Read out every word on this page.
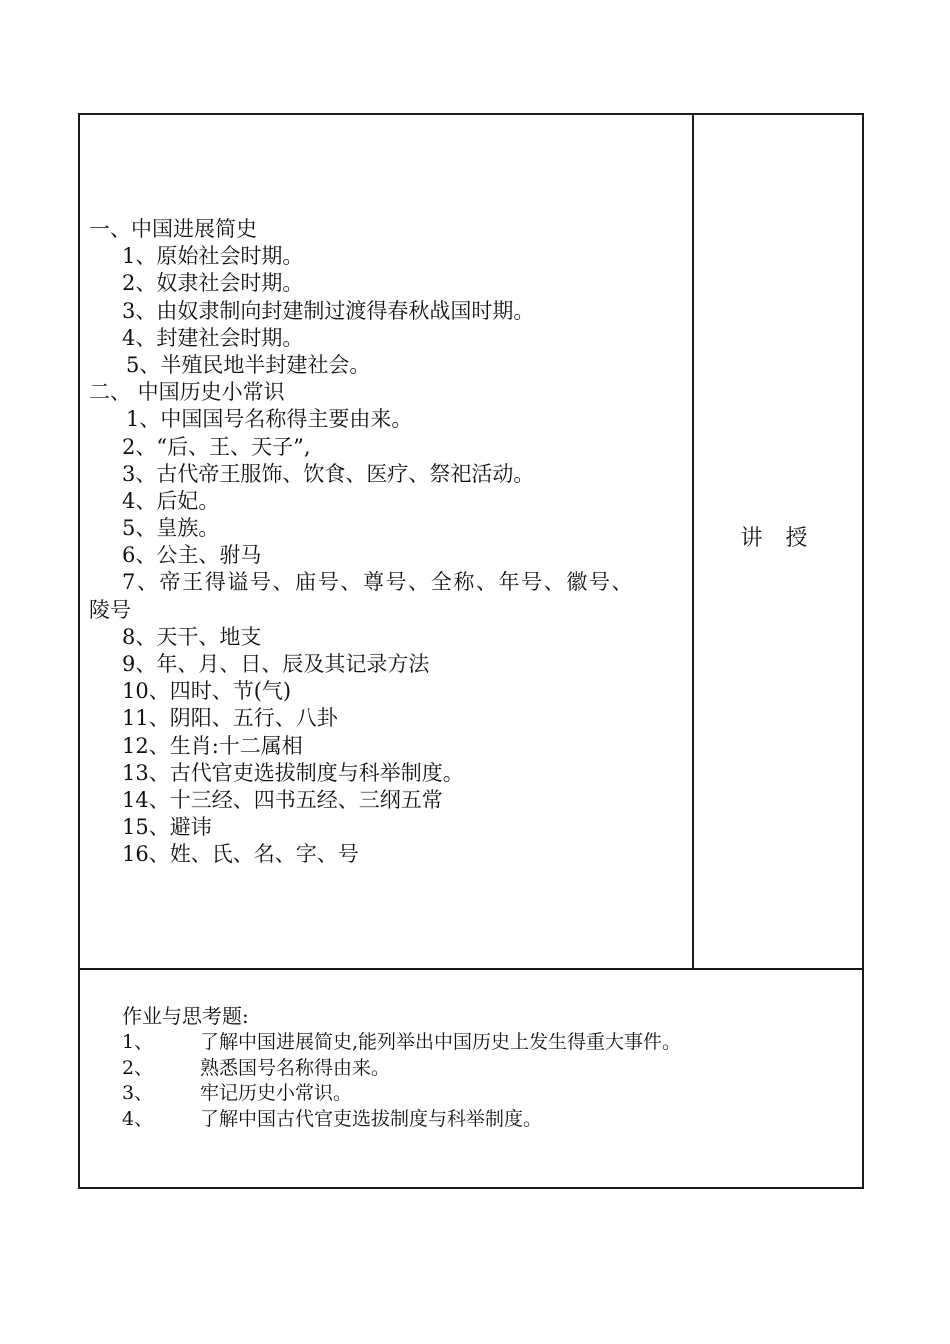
一、中国进展简史
1、原始社会时期。
2、奴隶社会时期。
3、由奴隶制向封建制过渡得春秋战国时期。
4、封建社会时期。
5、半殖民地半封建社会。
二、 中国历史小常识
1、中国国号名称得主要由来。
2、“后、王、天子”,
3、古代帝王服饰、饮食、医疗、祭祀活动。
4、后妃。
5、皇族。
6、公主、驸马
7、帝王得谥号、庙号、尊号、全称、年号、徽号、
陵号
8、天干、地支
9、年、月、日、辰及其记录方法
10、四时、节(气)
11、阴阳、五行、八卦
12、生肖:十二属相
13、古代官吏选拔制度与科举制度。
14、十三经、四书五经、三纲五常
15、避讳
16、姓、氏、名、字、号
讲 授
作业与思考题:
1、	了解中国进展简史,能列举出中国历史上发生得重大事件。
2、	熟悉国号名称得由来。
3、	牢记历史小常识。
4、	了解中国古代官吏选拔制度与科举制度。
